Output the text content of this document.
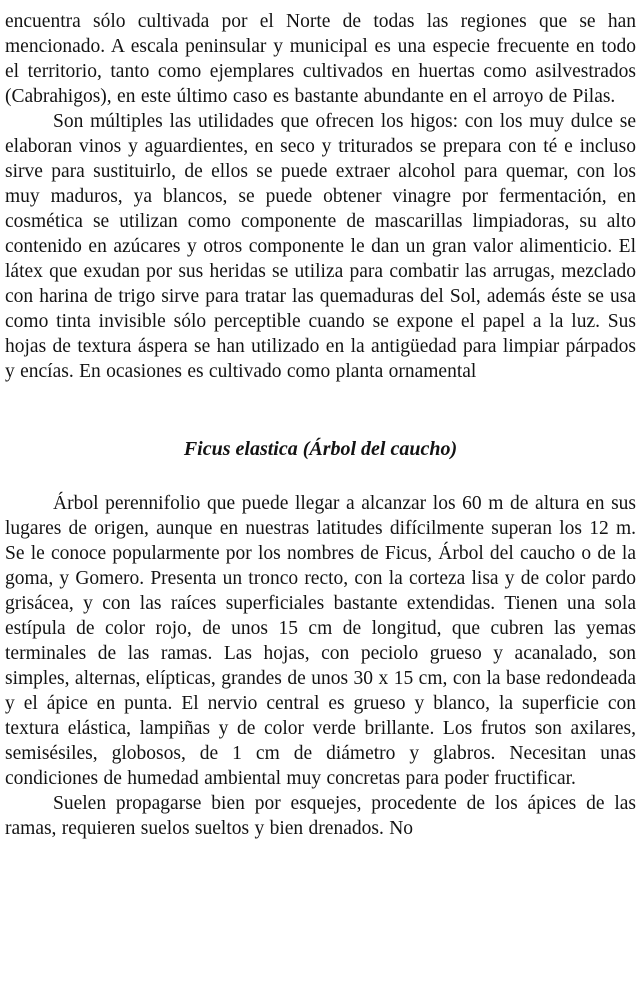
encuentra sólo cultivada por el Norte de todas las regiones que se han mencionado. A escala peninsular y municipal es una especie frecuente en todo el territorio, tanto como ejemplares cultivados en huertas como asilvestrados (Cabrahigos), en este último caso es bastante abundante en el arroyo de Pilas.

Son múltiples las utilidades que ofrecen los higos: con los muy dulce se elaboran vinos y aguardientes, en seco y triturados se prepara con té e incluso sirve para sustituirlo, de ellos se puede extraer alcohol para quemar, con los muy maduros, ya blancos, se puede obtener vinagre por fermentación, en cosmética se utilizan como componente de mascarillas limpiadoras, su alto contenido en azúcares y otros componente le dan un gran valor alimenticio. El látex que exudan por sus heridas se utiliza para combatir las arrugas, mezclado con harina de trigo sirve para tratar las quemaduras del Sol, además éste se usa como tinta invisible sólo perceptible cuando se expone el papel a la luz. Sus hojas de textura áspera se han utilizado en la antigüedad para limpiar párpados y encías. En ocasiones es cultivado como planta ornamental

Ficus elastica (Árbol del caucho)

Árbol perennifolio que puede llegar a alcanzar los 60 m de altura en sus lugares de origen, aunque en nuestras latitudes difícilmente superan los 12 m. Se le conoce popularmente por los nombres de Ficus, Árbol del caucho o de la goma, y Gomero. Presenta un tronco recto, con la corteza lisa y de color pardo grisácea, y con las raíces superficiales bastante extendidas. Tienen una sola estípula de color rojo, de unos 15 cm de longitud, que cubren las yemas terminales de las ramas. Las hojas, con peciolo grueso y acanalado, son simples, alternas, elípticas, grandes de unos 30 x 15 cm, con la base redondeada y el ápice en punta. El nervio central es grueso y blanco, la superficie con textura elástica, lampiñas y de color verde brillante. Los frutos son axilares, semisésiles, globosos, de 1 cm de diámetro y glabros. Necesitan unas condiciones de humedad ambiental muy concretas para poder fructificar.

Suelen propagarse bien por esquejes, procedente de los ápices de las ramas, requieren suelos sueltos y bien drenados. No
